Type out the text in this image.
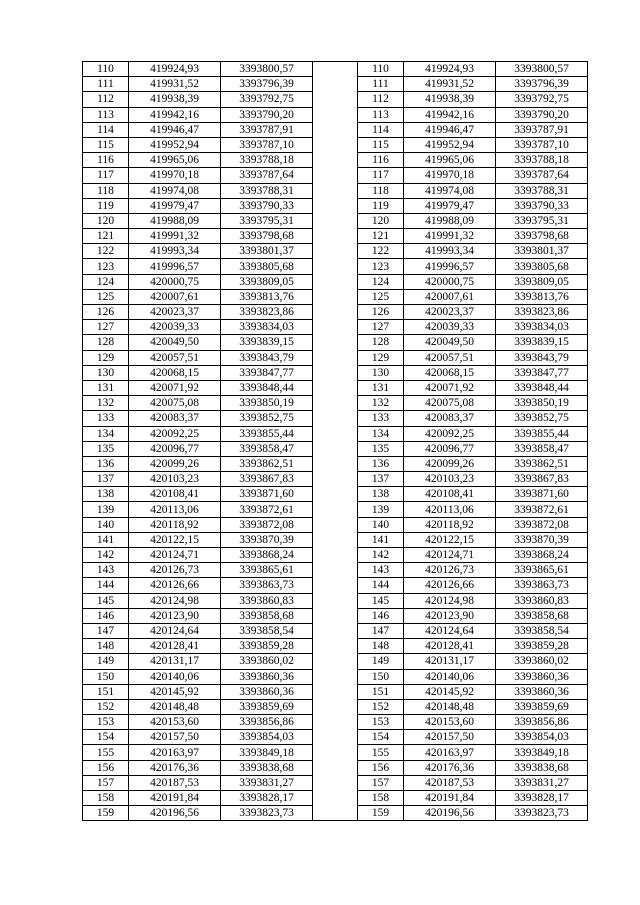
110	419924,93	3393800,57		110	419924,93	3393800,57
111	419931,52	3393796,39		111	419931,52	3393796,39
112	419938,39	3393792,75		112	419938,39	3393792,75
113	419942,16	3393790,20		113	419942,16	3393790,20
114	419946,47	3393787,91		114	419946,47	3393787,91
115	419952,94	3393787,10		115	419952,94	3393787,10
116	419965,06	3393788,18		116	419965,06	3393788,18
117	419970,18	3393787,64		117	419970,18	3393787,64
118	419974,08	3393788,31		118	419974,08	3393788,31
119	419979,47	3393790,33		119	419979,47	3393790,33
120	419988,09	3393795,31		120	419988,09	3393795,31
121	419991,32	3393798,68		121	419991,32	3393798,68
122	419993,34	3393801,37		122	419993,34	3393801,37
123	419996,57	3393805,68		123	419996,57	3393805,68
124	420000,75	3393809,05		124	420000,75	3393809,05
125	420007,61	3393813,76		125	420007,61	3393813,76
126	420023,37	3393823,86		126	420023,37	3393823,86
127	420039,33	3393834,03		127	420039,33	3393834,03
128	420049,50	3393839,15		128	420049,50	3393839,15
129	420057,51	3393843,79		129	420057,51	3393843,79
130	420068,15	3393847,77		130	420068,15	3393847,77
131	420071,92	3393848,44		131	420071,92	3393848,44
132	420075,08	3393850,19		132	420075,08	3393850,19
133	420083,37	3393852,75		133	420083,37	3393852,75
134	420092,25	3393855,44		134	420092,25	3393855,44
135	420096,77	3393858,47		135	420096,77	3393858,47
136	420099,26	3393862,51		136	420099,26	3393862,51
137	420103,23	3393867,83		137	420103,23	3393867,83
138	420108,41	3393871,60		138	420108,41	3393871,60
139	420113,06	3393872,61		139	420113,06	3393872,61
140	420118,92	3393872,08		140	420118,92	3393872,08
141	420122,15	3393870,39		141	420122,15	3393870,39
142	420124,71	3393868,24		142	420124,71	3393868,24
143	420126,73	3393865,61		143	420126,73	3393865,61
144	420126,66	3393863,73		144	420126,66	3393863,73
145	420124,98	3393860,83		145	420124,98	3393860,83
146	420123,90	3393858,68		146	420123,90	3393858,68
147	420124,64	3393858,54		147	420124,64	3393858,54
148	420128,41	3393859,28		148	420128,41	3393859,28
149	420131,17	3393860,02		149	420131,17	3393860,02
150	420140,06	3393860,36		150	420140,06	3393860,36
151	420145,92	3393860,36		151	420145,92	3393860,36
152	420148,48	3393859,69		152	420148,48	3393859,69
153	420153,60	3393856,86		153	420153,60	3393856,86
154	420157,50	3393854,03		154	420157,50	3393854,03
155	420163,97	3393849,18		155	420163,97	3393849,18
156	420176,36	3393838,68		156	420176,36	3393838,68
157	420187,53	3393831,27		157	420187,53	3393831,27
158	420191,84	3393828,17		158	420191,84	3393828,17
159	420196,56	3393823,73		159	420196,56	3393823,73
